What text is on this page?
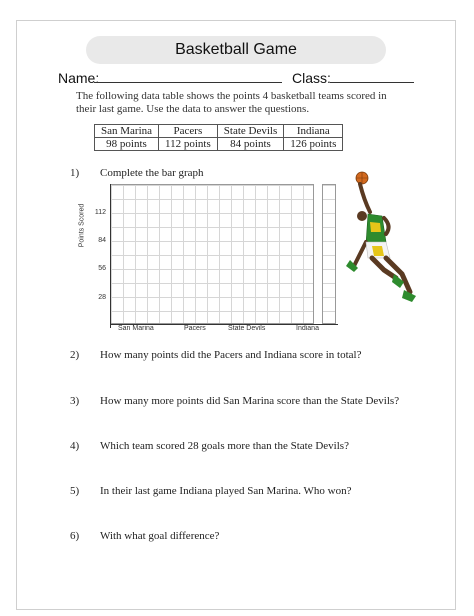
Basketball Game
Name:	Class:
The following data table shows the points 4 basketball teams scored in their last game. Use the data to answer the questions.
San Marina	Pacers	State Devils	Indiana
98 points	112 points	84 points	126 points
1) Complete the bar graph
Points Scored
28
56
84
112
San Marina	Pacers	State Devils	Indiana
2) How many points did the Pacers and Indiana score in total?
3) How many more points did San Marina score than the State Devils?
4) Which team scored 28 goals more than the State Devils?
5) In their last game Indiana played San Marina. Who won?
6) With what goal difference?
